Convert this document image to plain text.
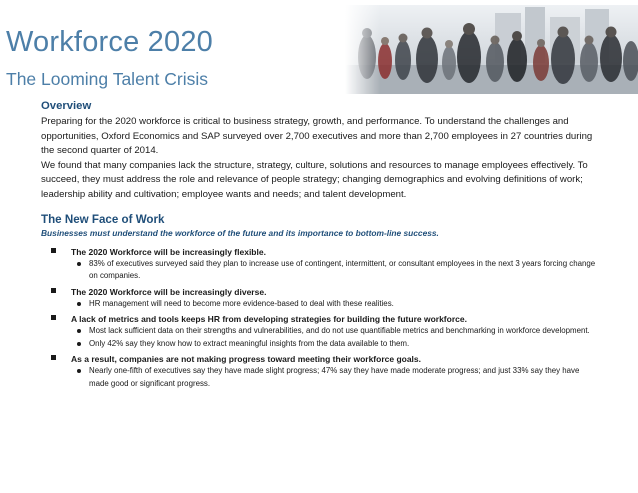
Workforce 2020
The Looming Talent Crisis
Overview

Preparing for the 2020 workforce is critical to business strategy, growth, and performance. To understand the challenges and opportunities, Oxford Economics and SAP surveyed over 2,700 executives and more than 2,700 employees in 27 countries during the second quarter of 2014.

We found that many companies lack the structure, strategy, culture, solutions and resources to manage employees effectively. To succeed, they must address the role and relevance of people strategy; changing demographics and evolving definitions of work; leadership ability and cultivation; employee wants and needs; and talent development.

The New Face of Work

Businesses must understand the workforce of the future and its importance to bottom-line success.

The 2020 Workforce will be increasingly flexible.
83% of executives surveyed said they plan to increase use of contingent, intermittent, or consultant employees in the next 3 years forcing change on companies.
The 2020 Workforce will be increasingly diverse.
HR management will need to become more evidence-based to deal with these realities.
A lack of metrics and tools keeps HR from developing strategies for building the future workforce.
Most lack sufficient data on their strengths and vulnerabilities, and do not use quantifiable metrics and benchmarking in workforce development.
Only 42% say they know how to extract meaningful insights from the data available to them.
As a result, companies are not making progress toward meeting their workforce goals.
Nearly one-fifth of executives say they have made slight progress; 47% say they have made moderate progress; and just 33% say they have made good or significant progress.
